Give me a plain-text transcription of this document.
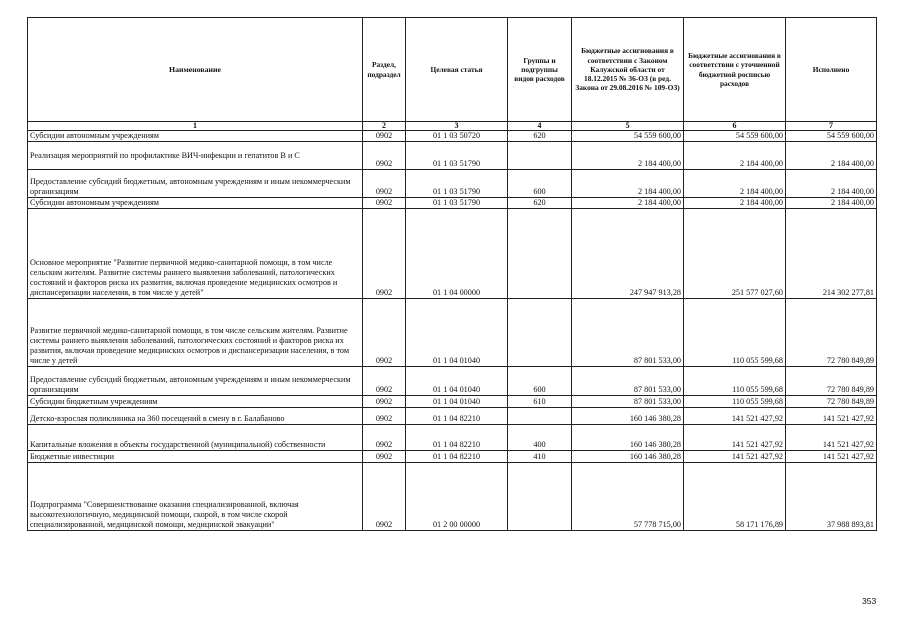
Наименование	Раздел, подраздел	Целевая статья	Группы и подгруппы видов расходов	Бюджетные ассигнования в соответствии с Законом Калужской области от 18.12.2015 № 36-ОЗ (в ред. Закона от 29.08.2016 № 109-ОЗ)	Бюджетные ассигнования в соответствии с уточненной бюджетной росписью расходов	Исполнено
1	2	3	4	5	6	7
Субсидии автономным учреждениям	0902	01 1 03 50720	620	54 559 600,00	54 559 600,00	54 559 600,00
Реализация мероприятий по профилактике ВИЧ-инфекции и гепатитов В и С	0902	01 1 03 51790		2 184 400,00	2 184 400,00	2 184 400,00
Предоставление субсидий бюджетным, автономным учреждениям и иным некоммерческим организациям	0902	01 1 03 51790	600	2 184 400,00	2 184 400,00	2 184 400,00
Субсидии автономным учреждениям	0902	01 1 03 51790	620	2 184 400,00	2 184 400,00	2 184 400,00
Основное мероприятие "Развитие первичной медико-санитарной помощи, в том числе сельским жителям. Развитие системы раннего выявления заболеваний, патологических состояний и факторов риска их развития, включая проведение медицинских осмотров и диспансеризации населения, в том числе у детей"	0902	01 1 04 00000		247 947 913,28	251 577 027,60	214 302 277,81
Развитие первичной медико-санитарной помощи, в том числе сельским жителям. Развитие системы раннего выявления заболеваний, патологических состояний и факторов риска их развития, включая проведение медицинских осмотров и диспансеризации населения, в том числе у детей	0902	01 1 04 01040		87 801 533,00	110 055 599,68	72 780 849,89
Предоставление субсидий бюджетным, автономным учреждениям и иным некоммерческим организациям	0902	01 1 04 01040	600	87 801 533,00	110 055 599,68	72 780 849,89
Субсидии бюджетным учреждениям	0902	01 1 04 01040	610	87 801 533,00	110 055 599,68	72 780 849,89
Детско-взрослая поликлиника на 360 посещений в смену в г. Балабаново	0902	01 1 04 82210		160 146 380,28	141 521 427,92	141 521 427,92
Капитальные вложения в объекты государственной (муниципальной) собственности	0902	01 1 04 82210	400	160 146 380,28	141 521 427,92	141 521 427,92
Бюджетные инвестиции	0902	01 1 04 82210	410	160 146 380,28	141 521 427,92	141 521 427,92
Подпрограмма "Совершенствование оказания специализированной, включая высокотехнологичную, медицинской помощи, скорой, в том числе скорой специализированной, медицинской помощи, медицинской эвакуации"	0902	01 2 00 00000		57 778 715,00	58 171 176,89	37 988 893,81
353
